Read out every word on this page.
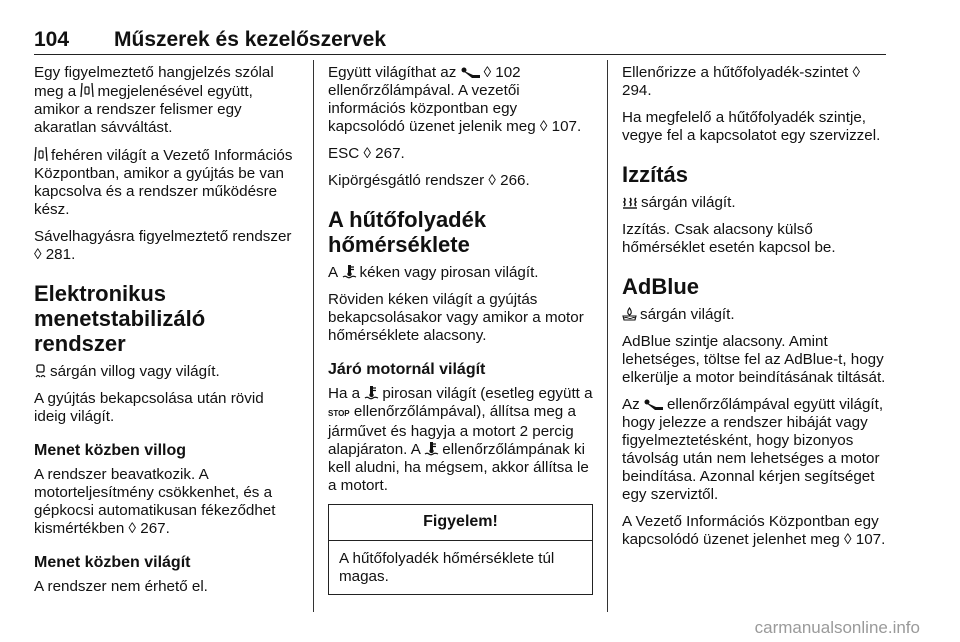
104 Műszerek és kezelőszervek

Egy figyelmeztető hangjelzés szólal meg a megjelenésével együtt, amikor a rendszer felismer egy akaratlan sávváltást.

fehéren világít a Vezető Információs Központban, amikor a gyújtás be van kapcsolva és a rendszer működésre kész.

Sávelhagyásra figyelmeztető rendszer ◊ 281.

Elektronikus menetstabilizáló rendszer

sárgán villog vagy világít.

A gyújtás bekapcsolása után rövid ideig világít.

Menet közben villog

A rendszer beavatkozik. A motorteljesítmény csökkenhet, és a gépkocsi automatikusan fékeződhet kismértékben ◊ 267.

Menet közben világít

A rendszer nem érhető el.

Együtt világíthat az ◊ 102 ellenőrzőlámpával. A vezetői információs központban egy kapcsolódó üzenet jelenik meg ◊ 107.

ESC ◊ 267.

Kipörgésgátló rendszer ◊ 266.

A hűtőfolyadék hőmérséklete

A kéken vagy pirosan világít.

Röviden kéken világít a gyújtás bekapcsolásakor vagy amikor a motor hőmérséklete alacsony.

Járó motornál világít

Ha a pirosan világít (esetleg együtt a STOP ellenőrzőlámpával), állítsa meg a járművet és hagyja a motort 2 percig alapjáraton. A ellenőrzőlámpának ki kell aludni, ha mégsem, akkor állítsa le a motort.

Figyelem!
A hűtőfolyadék hőmérséklete túl magas.

Ellenőrizze a hűtőfolyadék-szintet ◊ 294.

Ha megfelelő a hűtőfolyadék szintje, vegye fel a kapcsolatot egy szervizzel.

Izzítás

sárgán világít.

Izzítás. Csak alacsony külső hőmérséklet esetén kapcsol be.

AdBlue

sárgán világít.

AdBlue szintje alacsony. Amint lehetséges, töltse fel az AdBlue-t, hogy elkerülje a motor beindításának tiltását.

Az ellenőrzőlámpával együtt világít, hogy jelezze a rendszer hibáját vagy figyelmeztetésként, hogy bizonyos távolság után nem lehetséges a motor beindítása. Azonnal kérjen segítséget egy szerviztől.

A Vezető Információs Központban egy kapcsolódó üzenet jelenhet meg ◊ 107.

carmanualsonline.info
